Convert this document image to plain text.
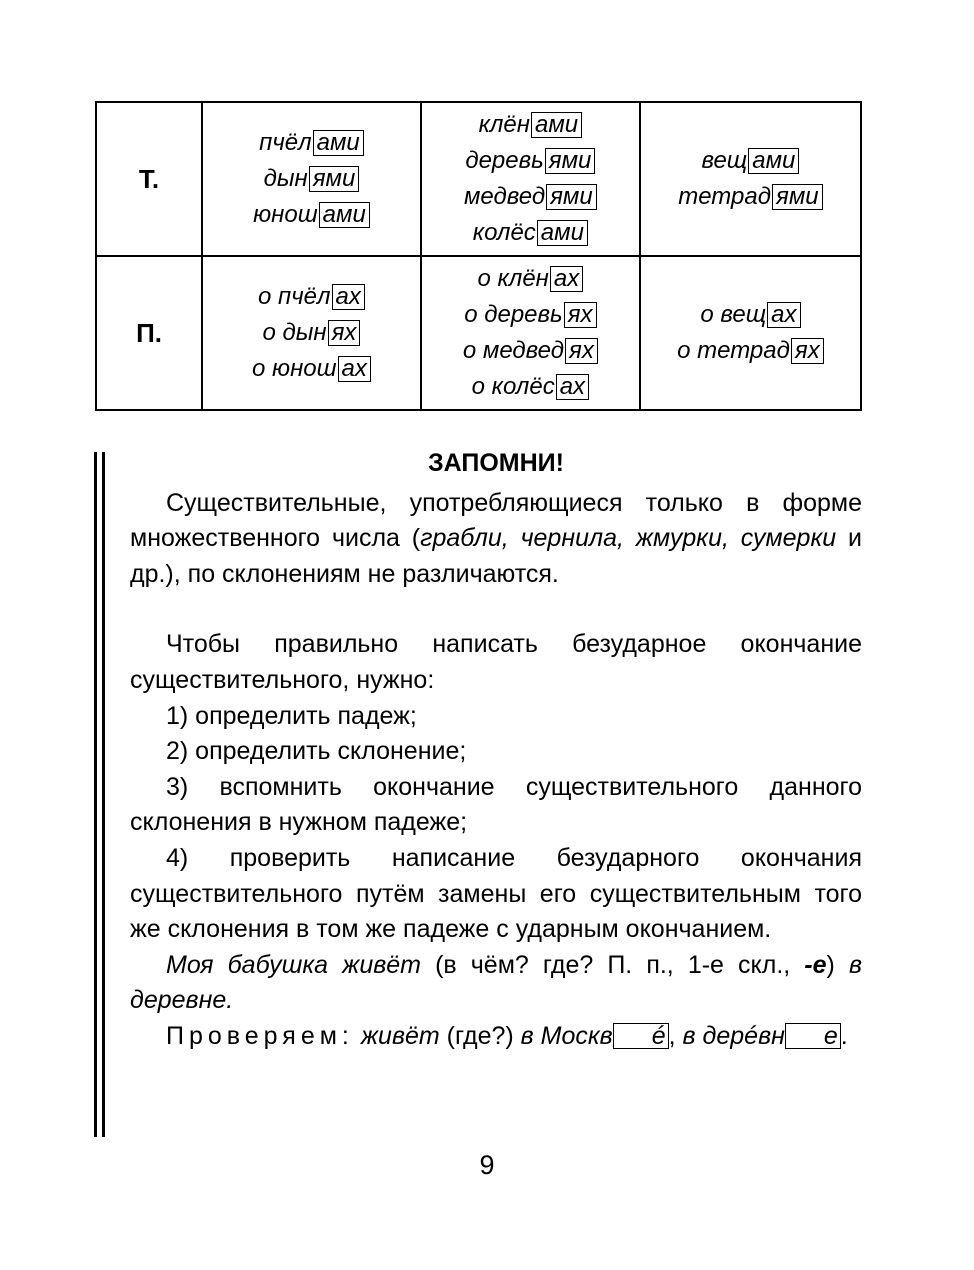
Т.	пчёл ами
дын ями
юнош ами	клён ами
деревь ями
медвед ями
колёс ами	вещ ами
тетрад ями

П.	о пчёл ах
о дын ях
о юнош ах	о клён ах
о деревь ях
о медвед ях
о колёс ах	о вещ ах
о тетрад ях
ЗАПОМНИ!

Существительные, употребляющиеся только в форме множественного числа (грабли, чернила, жмурки, сумерки и др.), по склонениям не различаются.

Чтобы правильно написать безударное окончание существительного, нужно:

1) определить падеж;

2) определить склонение;

3) вспомнить окончание существительного данного склонения в нужном падеже;

4) проверить написание безударного окончания существительного путём замены его существительным того же склонения в том же падеже с ударным окончанием.

Моя бабушка живёт (в чём? где? П. п., 1-е скл., -е) в деревне.

Проверяем: живёт (где?) в Москв é , в дерéвн е .

9
